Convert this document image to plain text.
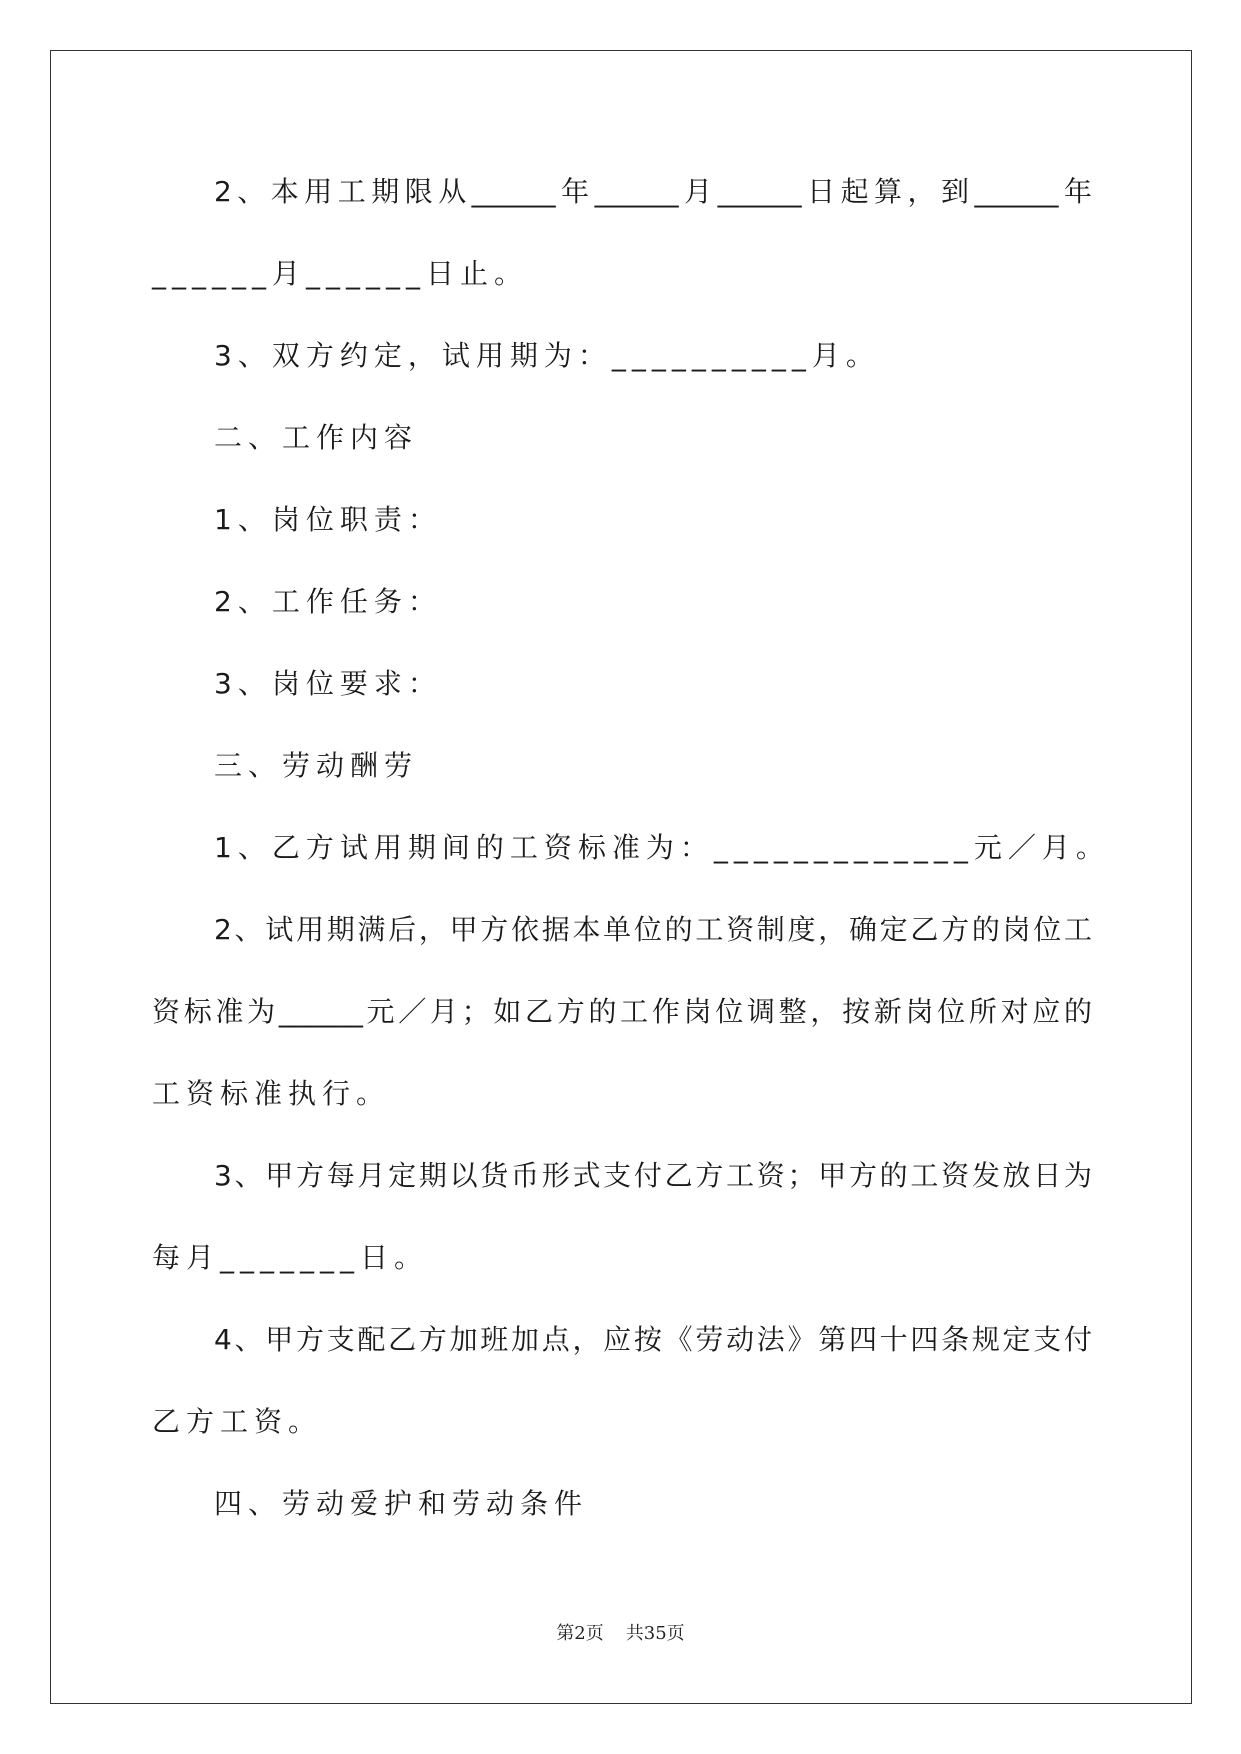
2、本用工期限从______年______月______日起算，到______年
______月______日止。
3、双方约定，试用期为：__________月。
二、工作内容
1、岗位职责：
2、工作任务：
3、岗位要求：
三、劳动酬劳
1、乙方试用期间的工资标准为：_____________元／月。
2、试用期满后，甲方依据本单位的工资制度，确定乙方的岗位工
资标准为______元／月；如乙方的工作岗位调整，按新岗位所对应的
工资标准执行。
3、甲方每月定期以货币形式支付乙方工资；甲方的工资发放日为
每月_______日。
4、甲方支配乙方加班加点，应按《劳动法》第四十四条规定支付
乙方工资。
四、劳动爱护和劳动条件
第2页 共35页
